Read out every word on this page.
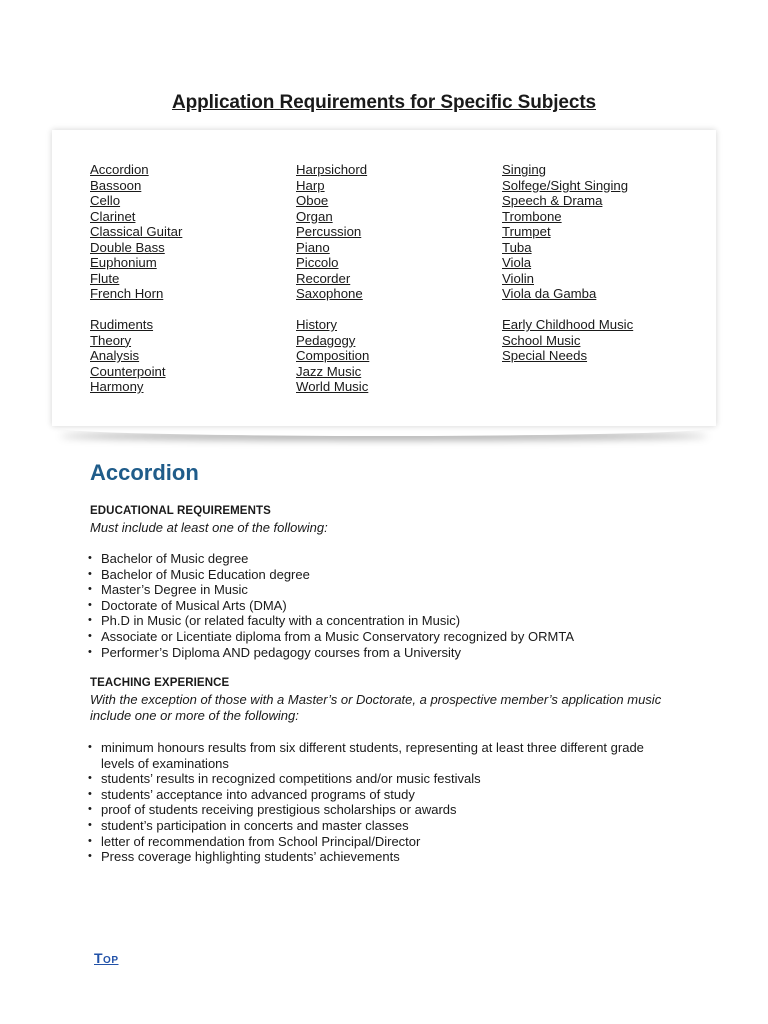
Application Requirements for Specific Subjects
Accordion
Bassoon
Cello
Clarinet
Classical Guitar
Double Bass
Euphonium
Flute
French Horn
Rudiments
Theory
Analysis
Counterpoint
Harmony
Harpsichord
Harp
Oboe
Organ
Percussion
Piano
Piccolo
Recorder
Saxophone
History
Pedagogy
Composition
Jazz Music
World Music
Singing
Solfege/Sight Singing
Speech & Drama
Trombone
Trumpet
Tuba
Viola
Violin
Viola da Gamba
Early Childhood Music
School Music
Special Needs
Accordion
EDUCATIONAL REQUIREMENTS
Must include at least one of the following:
• Bachelor of Music degree
• Bachelor of Music Education degree
• Master’s Degree in Music
• Doctorate of Musical Arts (DMA)
• Ph.D in Music (or related faculty with a concentration in Music)
• Associate or Licentiate diploma from a Music Conservatory recognized by ORMTA
• Performer’s Diploma AND pedagogy courses from a University
TEACHING EXPERIENCE
With the exception of those with a Master’s or Doctorate, a prospective member’s application music include one or more of the following:
• minimum honours results from six different students, representing at least three different grade levels of examinations
• students’ results in recognized competitions and/or music festivals
• students’ acceptance into advanced programs of study
• proof of students receiving prestigious scholarships or awards
• student’s participation in concerts and master classes
• letter of recommendation from School Principal/Director
• Press coverage highlighting students’ achievements
Top
